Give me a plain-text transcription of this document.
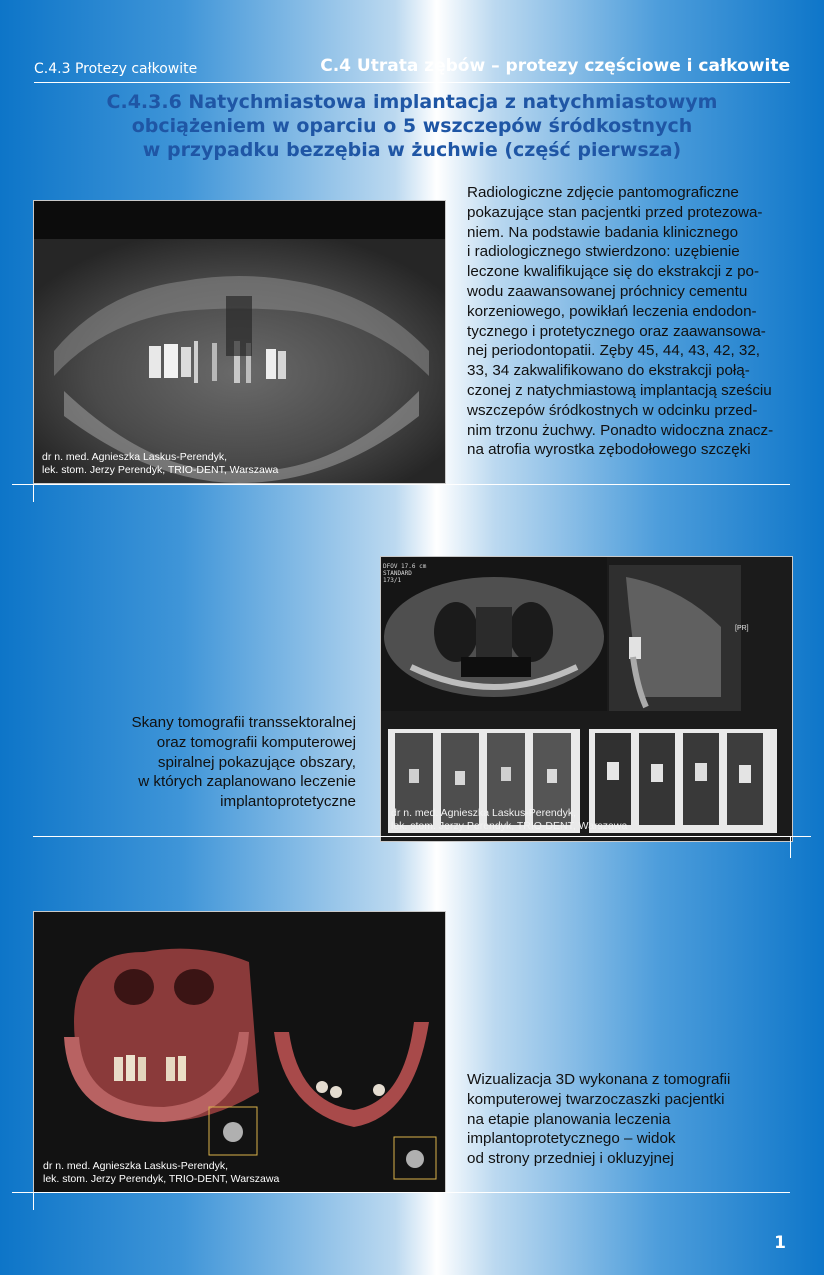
C.4.3 Protezy całkowite	C.4 Utrata zębów – protezy częściowe i całkowite
C.4.3.6 Natychmiastowa implantacja z natychmiastowym
obciążeniem w oparciu o 5 wszczepów śródkostnych
w przypadku bezzębia w żuchwie (część pierwsza)
dr n. med. Agnieszka Laskus-Perendyk,
lek. stom. Jerzy Perendyk, TRIO-DENT, Warszawa
Radiologiczne zdjęcie pantomograficzne
pokazujące stan pacjentki przed protezowa-
niem. Na podstawie badania klinicznego
i radiologicznego stwierdzono: uzębienie
leczone kwalifikujące się do ekstrakcji z po-
wodu zaawansowanej próchnicy cementu
korzeniowego, powikłań leczenia endodon-
tycznego i protetycznego oraz zaawansowa-
nej periodontopatii. Zęby 45, 44, 43, 42, 32,
33, 34 zakwalifikowano do ekstrakcji połą-
czonej z natychmiastową implantacją sześciu
wszczepów śródkostnych w odcinku przed-
nim trzonu żuchwy. Ponadto widoczna znacz-
na atrofia wyrostka zębodołowego szczęki
DFOV 17.6 cm
STANDARD
173/1
[PR]
dr n. med. Agnieszka Laskus-Perendyk,
lek. stom. Jerzy Perendyk, TRIO-DENT, Warszawa
Skany tomografii transsektoralnej
oraz tomografii komputerowej
spiralnej pokazujące obszary,
w których zaplanowano leczenie
implantoprotetyczne
dr n. med. Agnieszka Laskus-Perendyk,
lek. stom. Jerzy Perendyk, TRIO-DENT, Warszawa
Wizualizacja 3D wykonana z tomografii
komputerowej twarzoczaszki pacjentki
na etapie planowania leczenia
implantoprotetycznego – widok
od strony przedniej i okluzyjnej
1
